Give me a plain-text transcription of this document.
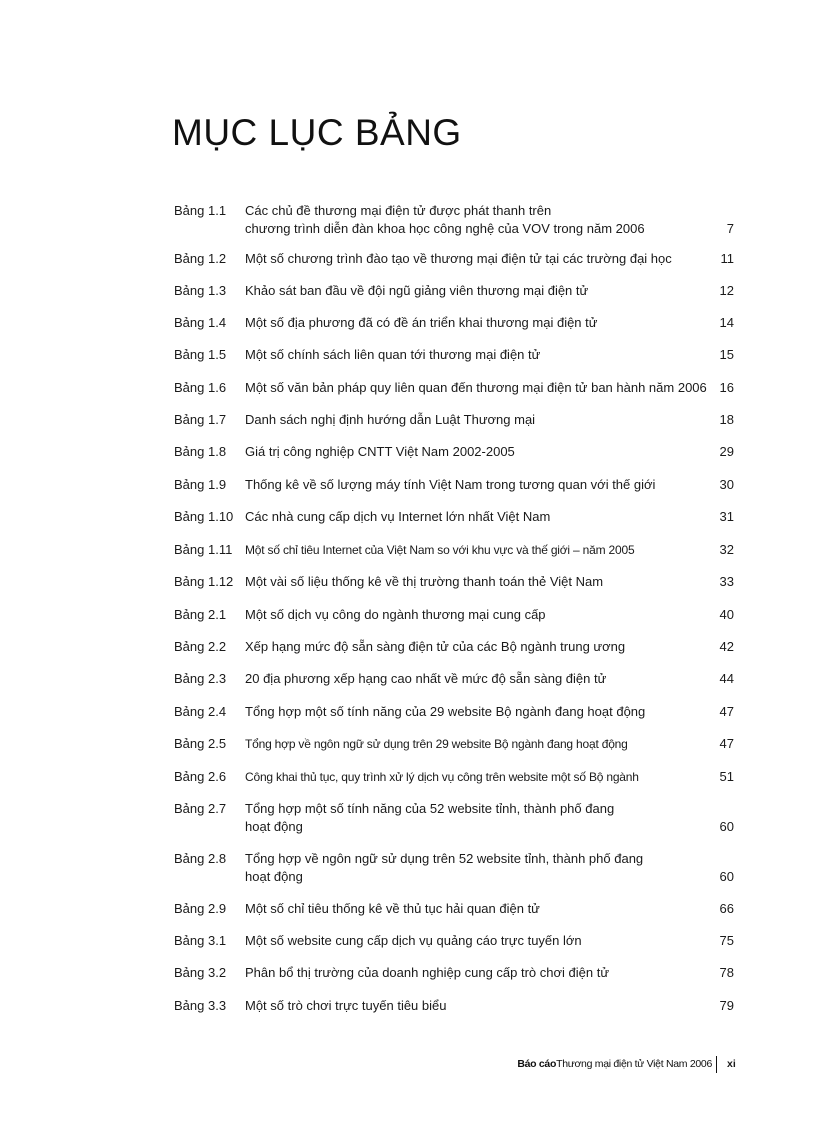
MỤC LỤC BẢNG
Bảng 1.1 Các chủ đề thương mại điện tử được phát thanh trên
chương trình diễn đàn khoa học công nghệ của VOV trong năm 2006	7
Bảng 1.2 Một số chương trình đào tạo về thương mại điện tử tại các trường đại học	11
Bảng 1.3 Khảo sát ban đầu về đội ngũ giảng viên thương mại điện tử	12
Bảng 1.4 Một số địa phương đã có đề án triển khai thương mại điện tử	14
Bảng 1.5 Một số chính sách liên quan tới thương mại điện tử	15
Bảng 1.6 Một số văn bản pháp quy liên quan đến thương mại điện tử ban hành năm 2006 16
Bảng 1.7 Danh sách nghị định hướng dẫn Luật Thương mại	18
Bảng 1.8 Giá trị công nghiệp CNTT Việt Nam 2002-2005	29
Bảng 1.9 Thống kê về số lượng máy tính Việt Nam trong tương quan với thế giới	30
Bảng 1.10 Các nhà cung cấp dịch vụ Internet lớn nhất Việt Nam	31
Bảng 1.11 Một số chỉ tiêu Internet của Việt Nam so với khu vực và thế giới – năm 2005	32
Bảng 1.12 Một vài số liệu thống kê về thị trường thanh toán thẻ Việt Nam	33
Bảng 2.1 Một số dịch vụ công do ngành thương mại cung cấp	40
Bảng 2.2 Xếp hạng mức độ sẵn sàng điện tử của các Bộ ngành trung ương	42
Bảng 2.3 20 địa phương xếp hạng cao nhất về mức độ sẵn sàng điện tử	44
Bảng 2.4 Tổng hợp một số tính năng của 29 website Bộ ngành đang hoạt động	47
Bảng 2.5 Tổng hợp về ngôn ngữ sử dụng trên 29 website Bộ ngành đang hoạt động	47
Bảng 2.6 Công khai thủ tục, quy trình xử lý dịch vụ công trên website một số Bộ ngành	51
Bảng 2.7 Tổng hợp một số tính năng của 52 website tỉnh, thành phố đang
hoạt động	60
Bảng 2.8 Tổng hợp về ngôn ngữ sử dụng trên 52 website tỉnh, thành phố đang
hoạt động	60
Bảng 2.9 Một số chỉ tiêu thống kê về thủ tục hải quan điện tử	66
Bảng 3.1 Một số website cung cấp dịch vụ quảng cáo trực tuyến lớn	75
Bảng 3.2 Phân bổ thị trường của doanh nghiệp cung cấp trò chơi điện tử	78
Bảng 3.3 Một số trò chơi trực tuyến tiêu biểu	79
Báo cáoThương mại điện tử Việt Nam 2006 xi
